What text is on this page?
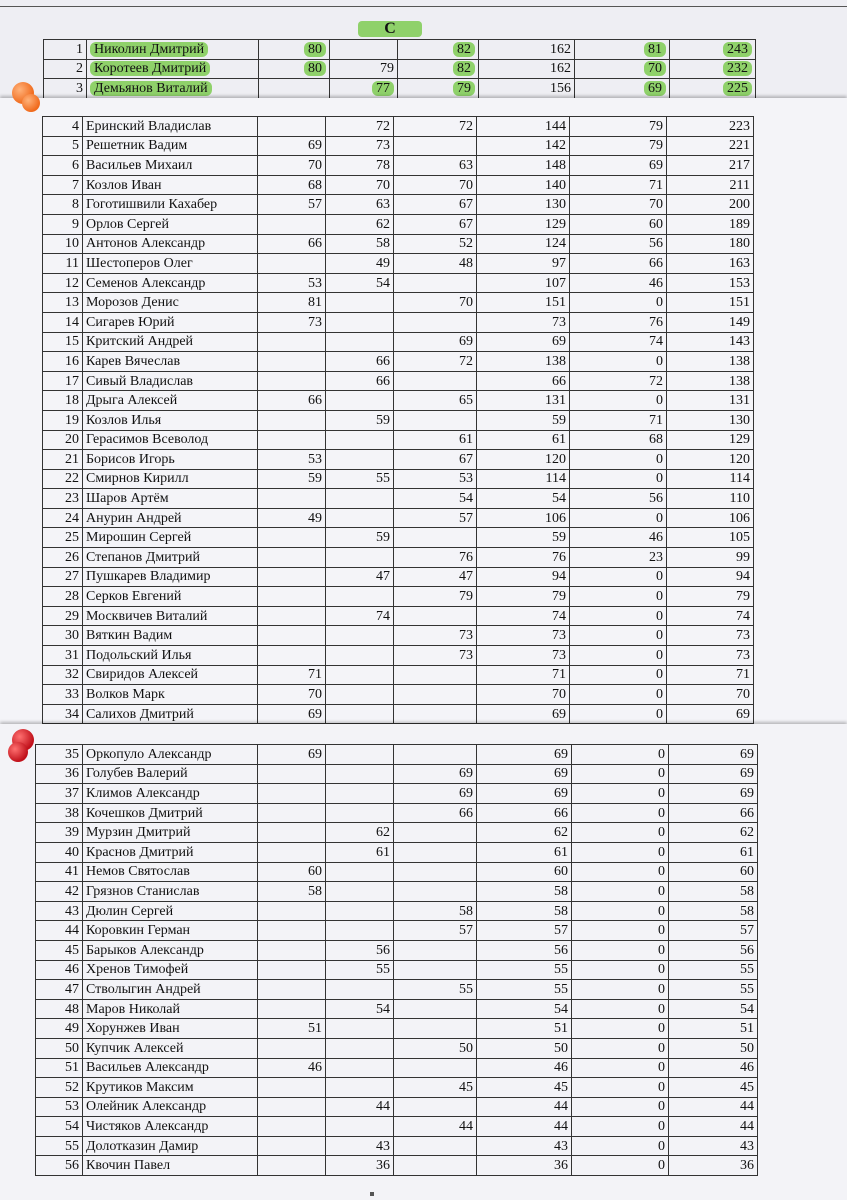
С
1	Николин Дмитрий	80		82	162	81	243
2	Коротеев Дмитрий	80	79	82	162	70	232
3	Демьянов Виталий		77	79	156	69	225
4	Еринский Владислав		72	72	144	79	223
5	Решетник Вадим	69	73		142	79	221
6	Васильев Михаил	70	78	63	148	69	217
7	Козлов Иван	68	70	70	140	71	211
8	Гоготишвили Кахабер	57	63	67	130	70	200
9	Орлов Сергей		62	67	129	60	189
10	Антонов Александр	66	58	52	124	56	180
11	Шестоперов Олег		49	48	97	66	163
12	Семенов Александр	53	54		107	46	153
13	Морозов Денис	81		70	151	0	151
14	Сигарев Юрий	73			73	76	149
15	Критский Андрей			69	69	74	143
16	Карев Вячеслав		66	72	138	0	138
17	Сивый Владислав		66		66	72	138
18	Дрыга Алексей	66		65	131	0	131
19	Козлов Илья		59		59	71	130
20	Герасимов Всеволод			61	61	68	129
21	Борисов Игорь	53		67	120	0	120
22	Смирнов Кирилл	59	55	53	114	0	114
23	Шаров Артём			54	54	56	110
24	Анурин Андрей	49		57	106	0	106
25	Мирошин Сергей		59		59	46	105
26	Степанов Дмитрий			76	76	23	99
27	Пушкарев Владимир		47	47	94	0	94
28	Серков Евгений			79	79	0	79
29	Москвичев Виталий		74		74	0	74
30	Вяткин Вадим			73	73	0	73
31	Подольский Илья			73	73	0	73
32	Свиридов Алексей	71			71	0	71
33	Волков Марк	70			70	0	70
34	Салихов Дмитрий	69			69	0	69
35	Оркопуло Александр	69			69	0	69
36	Голубев Валерий			69	69	0	69
37	Климов Александр			69	69	0	69
38	Кочешков Дмитрий			66	66	0	66
39	Мурзин Дмитрий		62		62	0	62
40	Краснов Дмитрий		61		61	0	61
41	Немов Святослав	60			60	0	60
42	Грязнов Станислав	58			58	0	58
43	Дюлин Сергей			58	58	0	58
44	Коровкин Герман			57	57	0	57
45	Барыков Александр		56		56	0	56
46	Хренов Тимофей		55		55	0	55
47	Стволыгин Андрей			55	55	0	55
48	Маров Николай		54		54	0	54
49	Хорунжев Иван	51			51	0	51
50	Купчик Алексей			50	50	0	50
51	Васильев Александр	46			46	0	46
52	Крутиков Максим			45	45	0	45
53	Олейник Александр		44		44	0	44
54	Чистяков Александр			44	44	0	44
55	Долотказин Дамир		43		43	0	43
56	Квочин Павел		36		36	0	36
